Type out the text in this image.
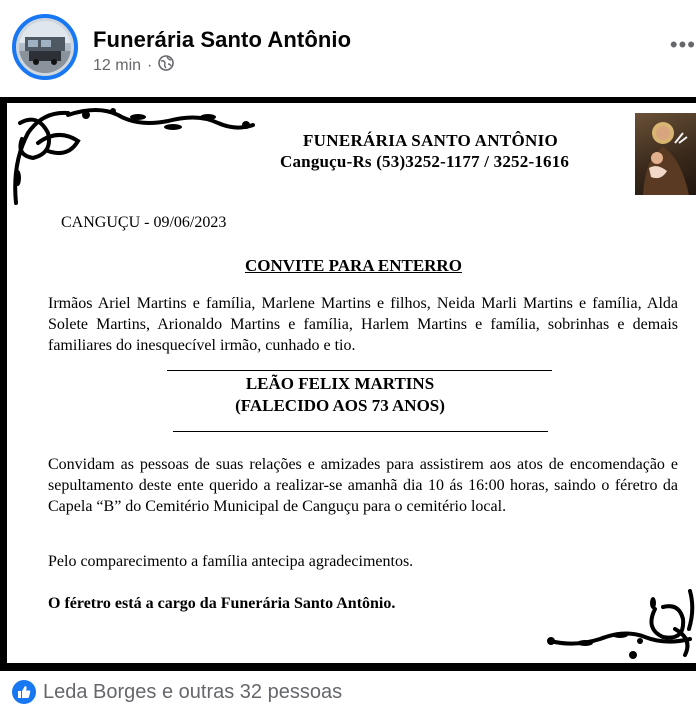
Funerária Santo Antônio
12 min ·
•••
FUNERÁRIA SANTO ANTÔNIO
Canguçu-Rs (53)3252-1177 / 3252-1616
CANGUÇU - 09/06/2023
CONVITE PARA ENTERRO
Irmãos Ariel Martins e família, Marlene Martins e filhos, Neida Marli Martins e família, Alda Solete Martins, Arionaldo Martins e família, Harlem Martins e família, sobrinhas e demais familiares do inesquecível irmão, cunhado e tio.
LEÃO FELIX MARTINS
(FALECIDO AOS 73 ANOS)
Convidam as pessoas de suas relações e amizades para assistirem aos atos de encomendação e sepultamento deste ente querido a realizar-se amanhã dia 10 ás 16:00 horas, saindo o féretro da Capela “B” do Cemitério Municipal de Canguçu para o cemitério local.
Pelo comparecimento a família antecipa agradecimentos.
O féretro está a cargo da Funerária Santo Antônio.
Leda Borges e outras 32 pessoas
